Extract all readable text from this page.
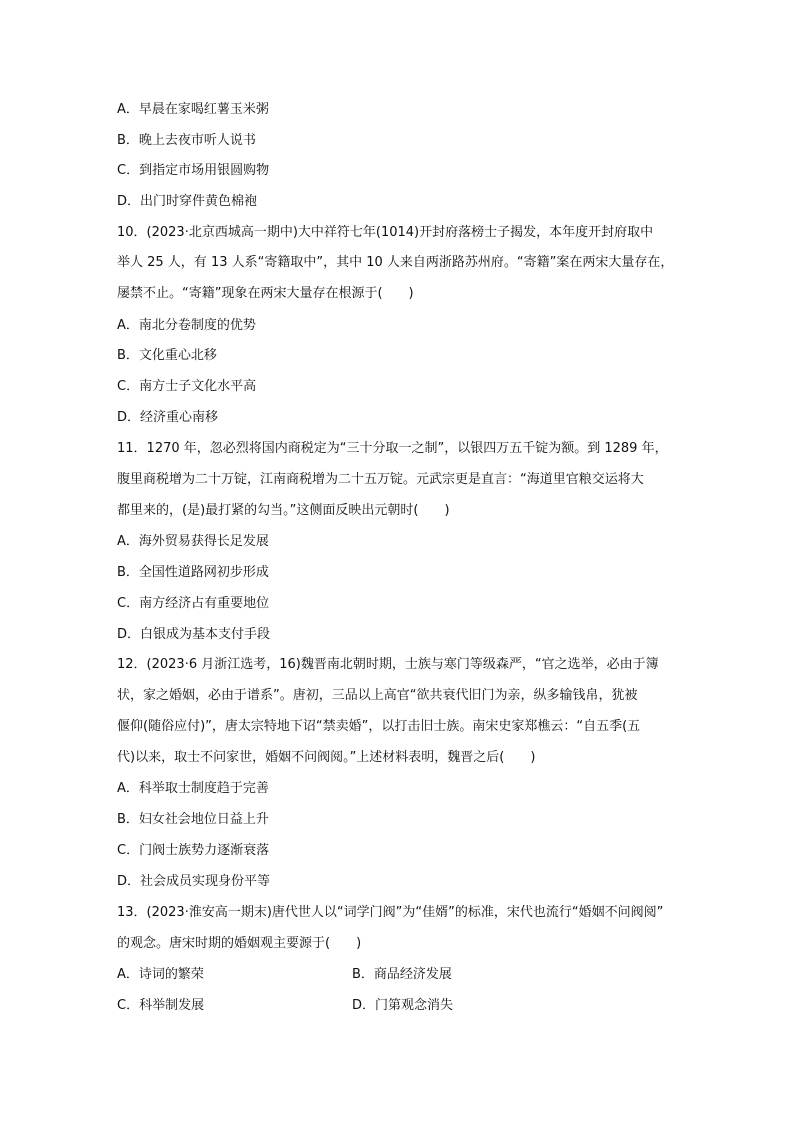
A．早晨在家喝红薯玉米粥
B．晚上去夜市听人说书
C．到指定市场用银圆购物
D．出门时穿件黄色棉袍
10．(2023·北京西城高一期中)大中祥符七年(1014)开封府落榜士子揭发，本年度开封府取中
举人 25 人，有 13 人系“寄籍取中”，其中 10 人来自两浙路苏州府。“寄籍”案在两宋大量存在，
屡禁不止。“寄籍”现象在两宋大量存在根源于(　　)
A．南北分卷制度的优势
B．文化重心北移
C．南方士子文化水平高
D．经济重心南移
11．1270 年，忽必烈将国内商税定为“三十分取一之制”，以银四万五千锭为额。到 1289 年，
腹里商税增为二十万锭，江南商税增为二十五万锭。元武宗更是直言：“海道里官粮交运将大
都里来的，(是)最打紧的勾当。”这侧面反映出元朝时(　　)
A．海外贸易获得长足发展
B．全国性道路网初步形成
C．南方经济占有重要地位
D．白银成为基本支付手段
12．(2023·6 月浙江选考，16)魏晋南北朝时期，士族与寒门等级森严，“官之选举，必由于簿
状，家之婚姻，必由于谱系”。唐初，三品以上高官“欲共衰代旧门为亲，纵多输钱帛，犹被
偃仰(随俗应付)”，唐太宗特地下诏“禁卖婚”，以打击旧士族。南宋史家郑樵云：“自五季(五
代)以来，取士不问家世，婚姻不问阀阅。”上述材料表明，魏晋之后(　　)
A．科举取士制度趋于完善
B．妇女社会地位日益上升
C．门阀士族势力逐渐衰落
D．社会成员实现身份平等
13．(2023·淮安高一期末)唐代世人以“词学门阀”为“佳婿”的标准，宋代也流行“婚姻不问阀阅”
的观念。唐宋时期的婚姻观主要源于(　　)
A．诗词的繁荣	B．商品经济发展
C．科举制发展	D．门第观念消失
